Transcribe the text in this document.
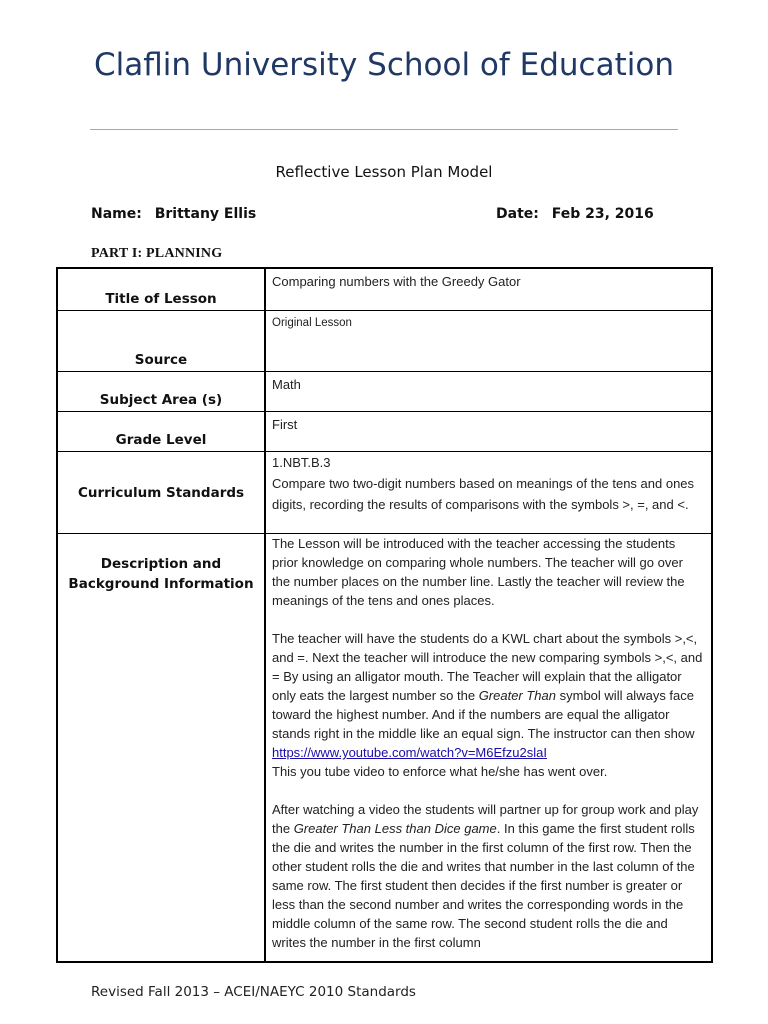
Claflin University School of Education
Reflective Lesson Plan Model
Name: Brittany Ellis	Date: Feb 23, 2016
PART I: PLANNING
Title of Lesson
Comparing numbers with the Greedy Gator
Source
Original Lesson
Subject Area (s)
Math
Grade Level
First
Curriculum Standards
1.NBT.B.3
Compare two two-digit numbers based on meanings of the tens and ones digits, recording the results of comparisons with the symbols >, =, and <.
Description and Background Information

The Lesson will be introduced with the teacher accessing the students prior knowledge on comparing whole numbers. The teacher will go over the number places on the number line. Lastly the teacher will review the meanings of the tens and ones places.

The teacher will have the students do a KWL chart about the symbols >,<, and =. Next the teacher will introduce the new comparing symbols >,<, and = By using an alligator mouth. The Teacher will explain that the alligator only eats the largest number so the Greater Than symbol will always face toward the highest number. And if the numbers are equal the alligator stands right in the middle like an equal sign. The instructor can then show https://www.youtube.com/watch?v=M6Efzu2slaI
This you tube video to enforce what he/she has went over.

After watching a video the students will partner up for group work and play the Greater Than Less than Dice game. In this game the first student rolls the die and writes the number in the first column of the first row. Then the other student rolls the die and writes that number in the last column of the same row. The first student then decides if the first number is greater or less than the second number and writes the corresponding words in the middle column of the same row. The second student rolls the die and writes the number in the first column

Revised Fall 2013 – ACEI/NAEYC 2010 Standards
